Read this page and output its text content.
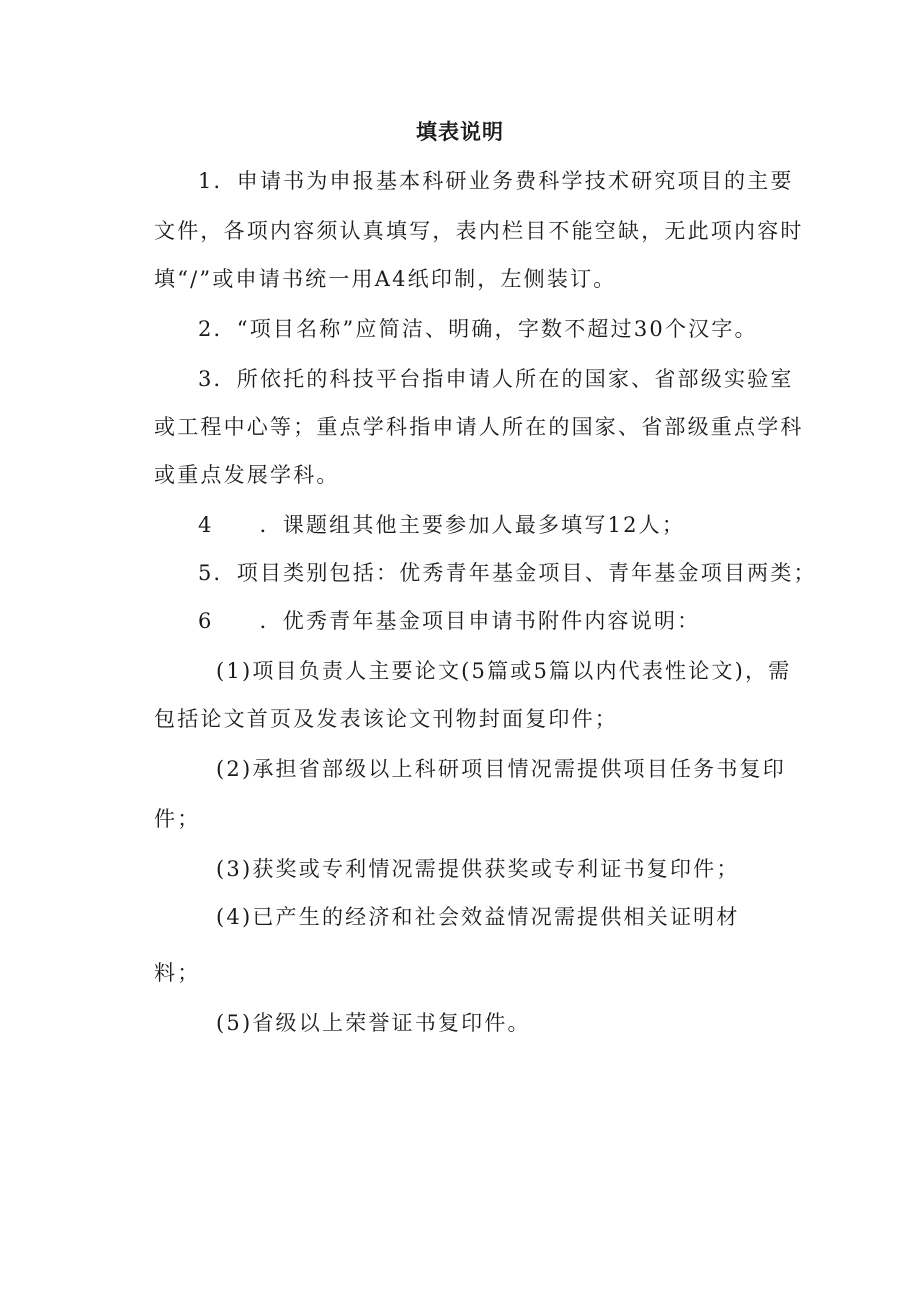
填表说明
1．申请书为申报基本科研业务费科学技术研究项目的主要
文件，各项内容须认真填写，表内栏目不能空缺，无此项内容时
填“/”或申请书统一用A4纸印制，左侧装订。
2．“项目名称”应简洁、明确，字数不超过30个汉字。
3．所依托的科技平台指申请人所在的国家、省部级实验室
或工程中心等；重点学科指申请人所在的国家、省部级重点学科
或重点发展学科。
4 ．课题组其他主要参加人最多填写12人；
5．项目类别包括：优秀青年基金项目、青年基金项目两类；
6 ．优秀青年基金项目申请书附件内容说明：
(1)项目负责人主要论文(5篇或5篇以内代表性论文)，需
包括论文首页及发表该论文刊物封面复印件；
(2)承担省部级以上科研项目情况需提供项目任务书复印
件；
(3)获奖或专利情况需提供获奖或专利证书复印件；
(4)已产生的经济和社会效益情况需提供相关证明材
料；
(5)省级以上荣誉证书复印件。
